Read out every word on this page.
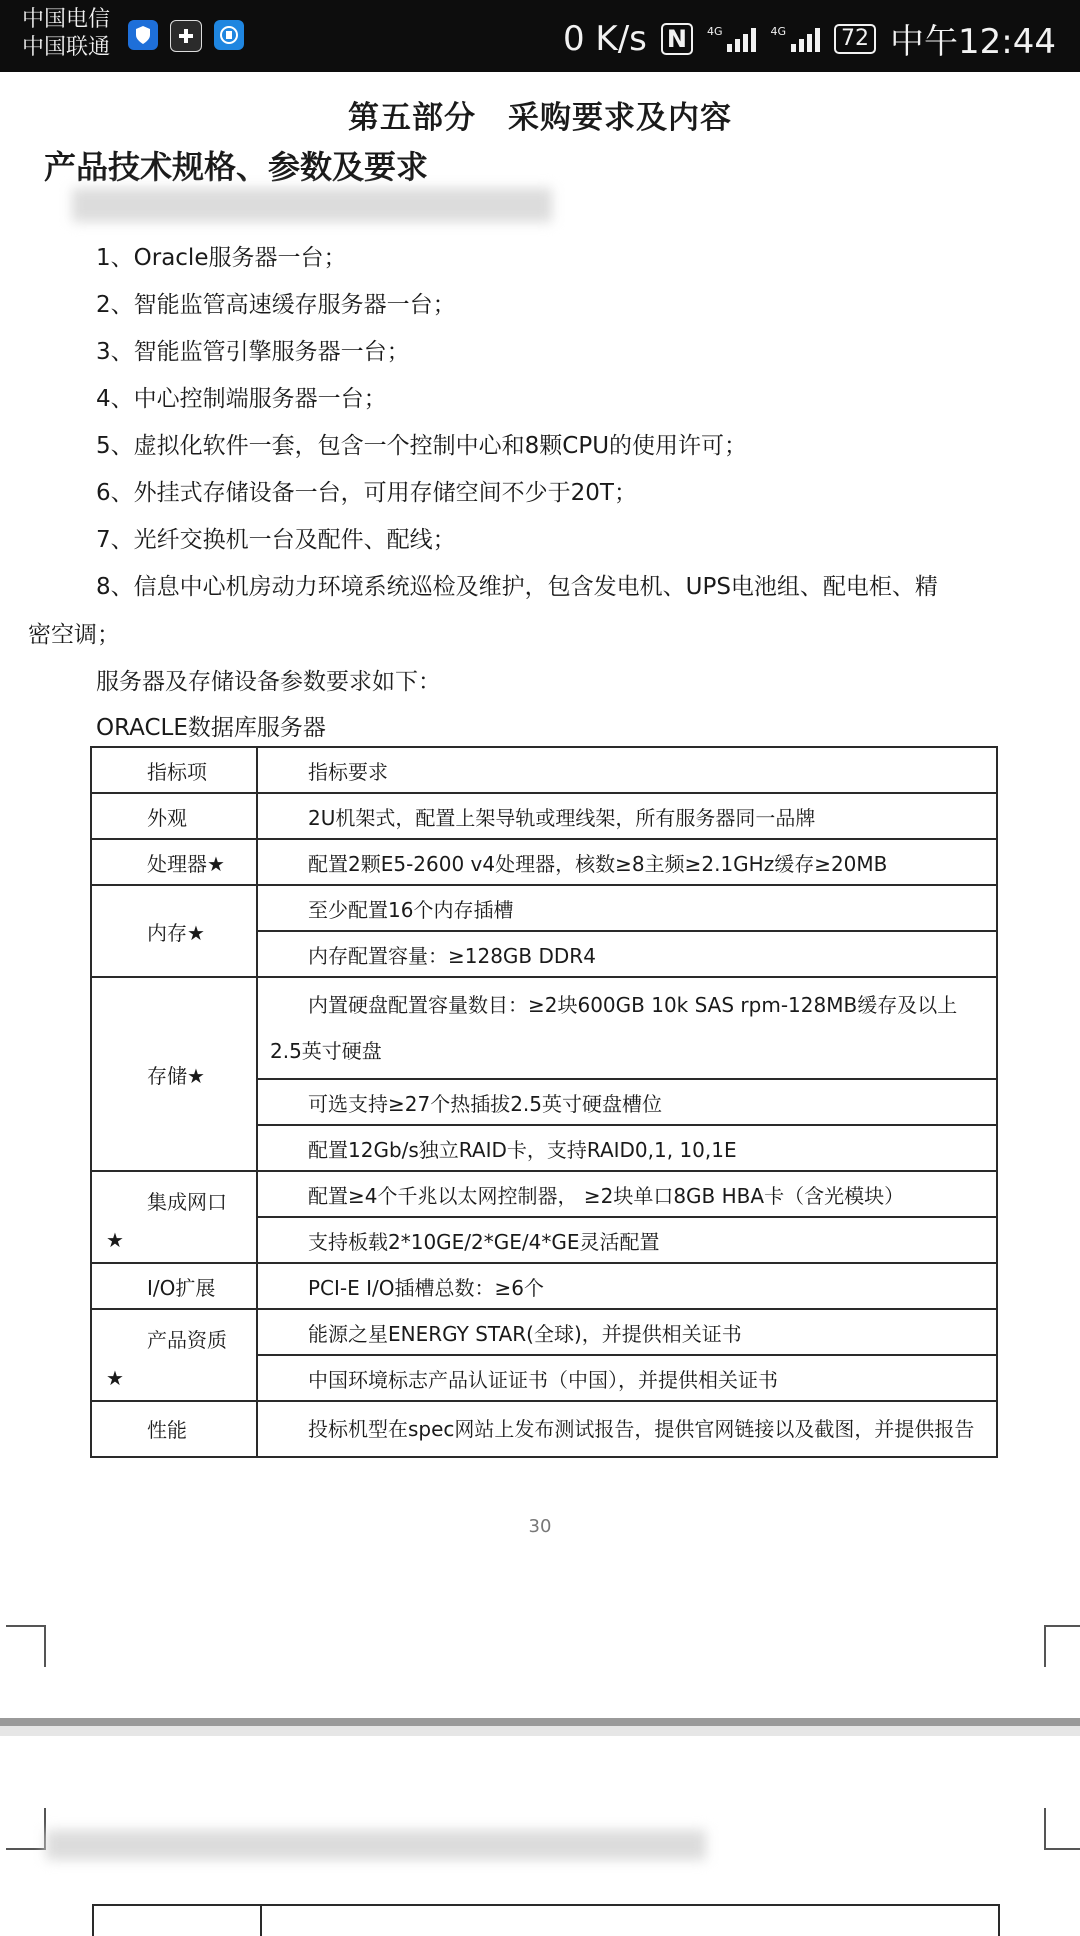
中国电信
中国联通	0 K/s N	4G	4G	72 中午12:44
第五部分　采购要求及内容
产品技术规格、参数及要求
1、Oracle服务器一台；
2、智能监管高速缓存服务器一台；
3、智能监管引擎服务器一台；
4、中心控制端服务器一台；
5、虚拟化软件一套，包含一个控制中心和8颗CPU的使用许可；
6、外挂式存储设备一台，可用存储空间不少于20T；
7、光纤交换机一台及配件、配线；
8、信息中心机房动力环境系统巡检及维护，包含发电机、UPS电池组、配电柜、精
密空调；
服务器及存储设备参数要求如下：
ORACLE数据库服务器
指标项	指标要求
外观	2U机架式，配置上架导轨或理线架，所有服务器同一品牌
处理器★	配置2颗E5-2600 v4处理器，核数≥8主频≥2.1GHz缓存≥20MB
内存★	至少配置16个内存插槽
	内存配置容量：≥128GB DDR4
存储★	内置硬盘配置容量数目：≥2块600GB 10k SAS rpm-128MB缓存及以上2.5英寸硬盘
	可选支持≥27个热插拔2.5英寸硬盘槽位
	配置12Gb/s独立RAID卡，支持RAID0,1, 10,1E

集成网口
★	配置≥4个千兆以太网控制器， ≥2块单口8GB HBA卡（含光模块）
	支持板载2*10GE/2*GE/4*GE灵活配置
I/O扩展	PCI-E I/O插槽总数：≥6个

产品资质
★	能源之星ENERGY STAR(全球)，并提供相关证书
	中国环境标志产品认证证书（中国），并提供相关证书
性能	投标机型在spec网站上发布测试报告，提供官网链接以及截图，并提供报告
30
